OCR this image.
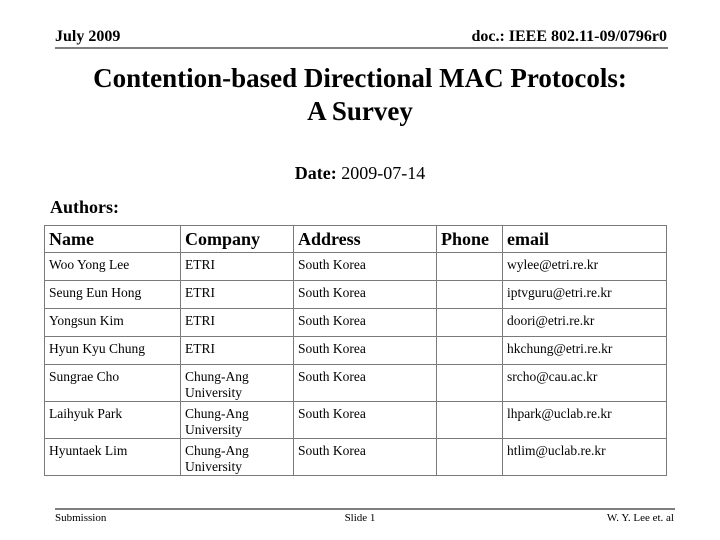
July 2009	doc.: IEEE 802.11-09/0796r0
Contention-based Directional MAC Protocols:
A Survey
Date: 2009-07-14
Authors:
Name	Company	Address	Phone	email
Woo Yong Lee	ETRI	South Korea		wylee@etri.re.kr
Seung Eun Hong	ETRI	South Korea		iptvguru@etri.re.kr
Yongsun Kim	ETRI	South Korea		doori@etri.re.kr
Hyun Kyu Chung	ETRI	South Korea		hkchung@etri.re.kr
Sungrae Cho	Chung-Ang University	South Korea		srcho@cau.ac.kr
Laihyuk Park	Chung-Ang University	South Korea		lhpark@uclab.re.kr
Hyuntaek Lim	Chung-Ang University	South Korea		htlim@uclab.re.kr
Submission	Slide 1	W. Y. Lee et. al
